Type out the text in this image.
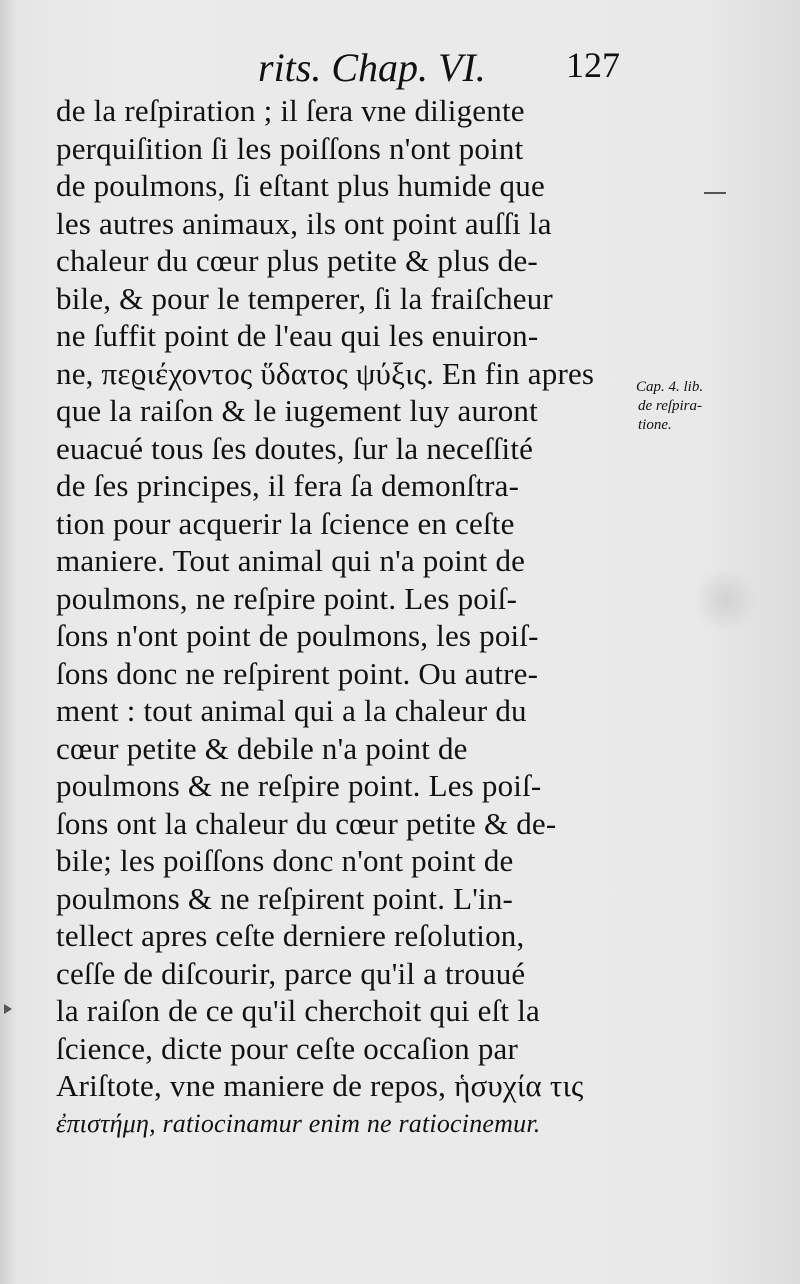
rits. Chap. VI. 127
de la reſpiration ; il ſera vne diligente
perquiſition ſi les poiſſons n'ont point
de poulmons, ſi eſtant plus humide que
les autres animaux, ils ont point auſſi la
chaleur du cœur plus petite & plus de-
bile, & pour le temperer, ſi la fraiſcheur
ne ſuffit point de l'eau qui les enuiron-
ne, πεϱιέχοντος ὕδατος ψύξις. En fin apres
que la raiſon & le iugement luy auront
euacué tous ſes doutes, ſur la neceſſité
de ſes principes, il fera ſa demonſtra-
tion pour acquerir la ſcience en ceſte
maniere. Tout animal qui n'a point de
poulmons, ne reſpire point. Les poiſ-
ſons n'ont point de poulmons, les poiſ-
ſons donc ne reſpirent point. Ou autre-
ment : tout animal qui a la chaleur du
cœur petite & debile n'a point de
poulmons & ne reſpire point. Les poiſ-
ſons ont la chaleur du cœur petite & de-
bile; les poiſſons donc n'ont point de
poulmons & ne reſpirent point. L'in-
tellect apres ceſte derniere reſolution,
ceſſe de diſcourir, parce qu'il a trouué
la raiſon de ce qu'il cherchoit qui eſt la
ſcience, dicte pour ceſte occaſion par
Ariſtote, vne maniere de repos, ἡσυχία τις
ἐπιστήμη, ratiocinamur enim ne ratiocinemur.
Cap. 4. lib.
de reſpira-
tione.
